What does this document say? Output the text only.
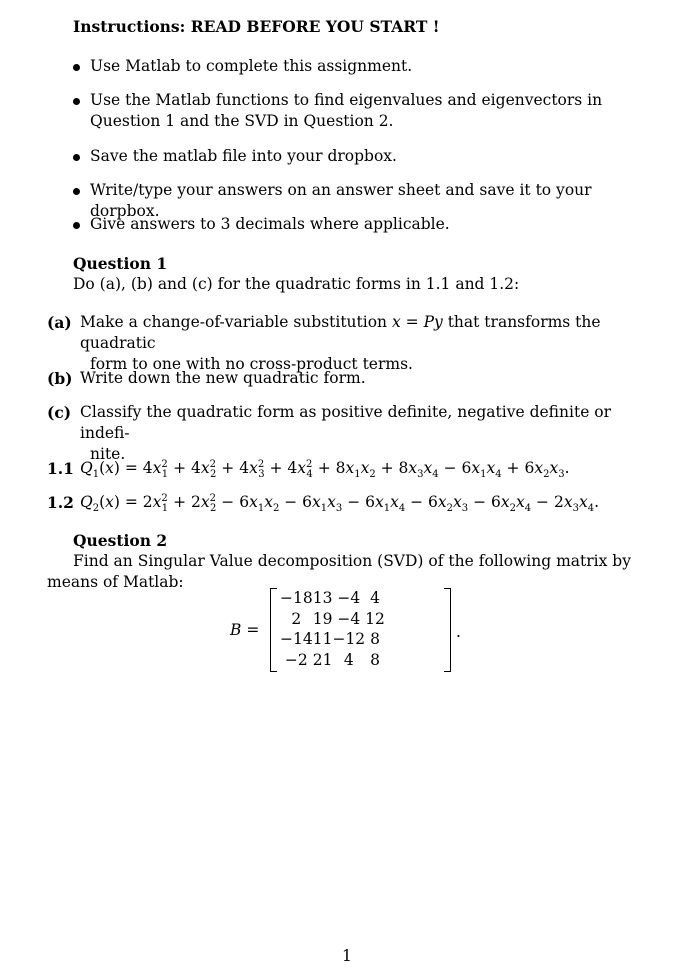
Instructions: READ BEFORE YOU START !
Use Matlab to complete this assignment.
Use the Matlab functions to find eigenvalues and eigenvectors in Question 1 and the SVD in Question 2.
Save the matlab file into your dropbox.
Write/type your answers on an answer sheet and save it to your dorpbox.
Give answers to 3 decimals where applicable.
Question 1
Do (a), (b) and (c) for the quadratic forms in 1.1 and 1.2:
(a) Make a change-of-variable substitution x = Py that transforms the quadratic
form to one with no cross-product terms.
(b) Write down the new quadratic form.
(c) Classify the quadratic form as positive definite, negative definite or indefi-
nite.
1.1 $Q_1(x) = 4x^2_1 + 4x^2_2 + 4x^2_3 + 4x^2_4 + 8x_1x_2 + 8x_3x_4 - 6x_1x_4 + 6x_2x_3$.
1.2 $Q_2(x) = 2x^2_1 + 2x^2_2 - 6x_1x_2 - 6x_1x_3 - 6x_1x_4 - 6x_2x_3 - 6x_2x_4 - 2x_3x_4$.
Question 2
Find an Singular Value decomposition (SVD) of the following matrix by
means of Matlab:
B =
−18	13	−4	4
2	19	−4	12
−14	11	−12	8
−2	21	4	8
.
1
